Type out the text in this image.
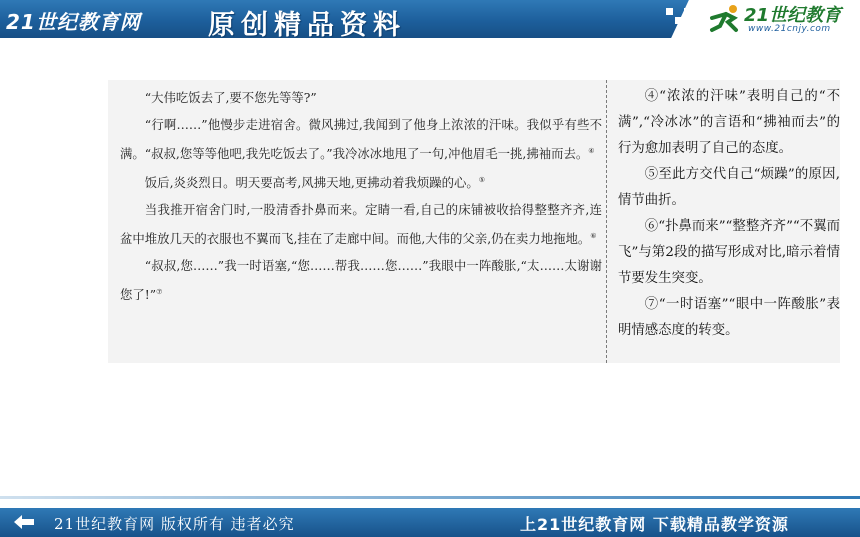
21世纪教育网 原创精品资料	21世纪教育
www.21cnjy.com

“大伟吃饭去了,要不您先等等?”

“行啊……”他慢步走进宿舍。微风拂过,我闻到了他身上浓浓的汗味。我似乎有些不满。“叔叔,您等等他吧,我先吃饭去了。”我冷冰冰地甩了一句,冲他眉毛一挑,拂袖而去。④

饭后,炎炎烈日。明天要高考,风拂天地,更拂动着我烦躁的心。⑤

当我推开宿舍门时,一股清香扑鼻而来。定睛一看,自己的床铺被收拾得整整齐齐,连盆中堆放几天的衣服也不翼而飞,挂在了走廊中间。而他,大伟的父亲,仍在卖力地拖地。⑥

“叔叔,您……”我一时语塞,“您……帮我……您……”我眼中一阵酸胀,“太……太谢谢您了!”⑦

④“浓浓的汗味”表明自己的“不满”,“冷冰冰”的言语和“拂袖而去”的行为愈加表明了自己的态度。

⑤至此方交代自己“烦躁”的原因,情节曲折。

⑥“扑鼻而来”“整整齐齐”“不翼而飞”与第2段的描写形成对比,暗示着情节要发生突变。

⑦“一时语塞”“眼中一阵酸胀”表明情感态度的转变。

21世纪教育网 版权所有 违者必究	上21世纪教育网 下载精品教学资源
